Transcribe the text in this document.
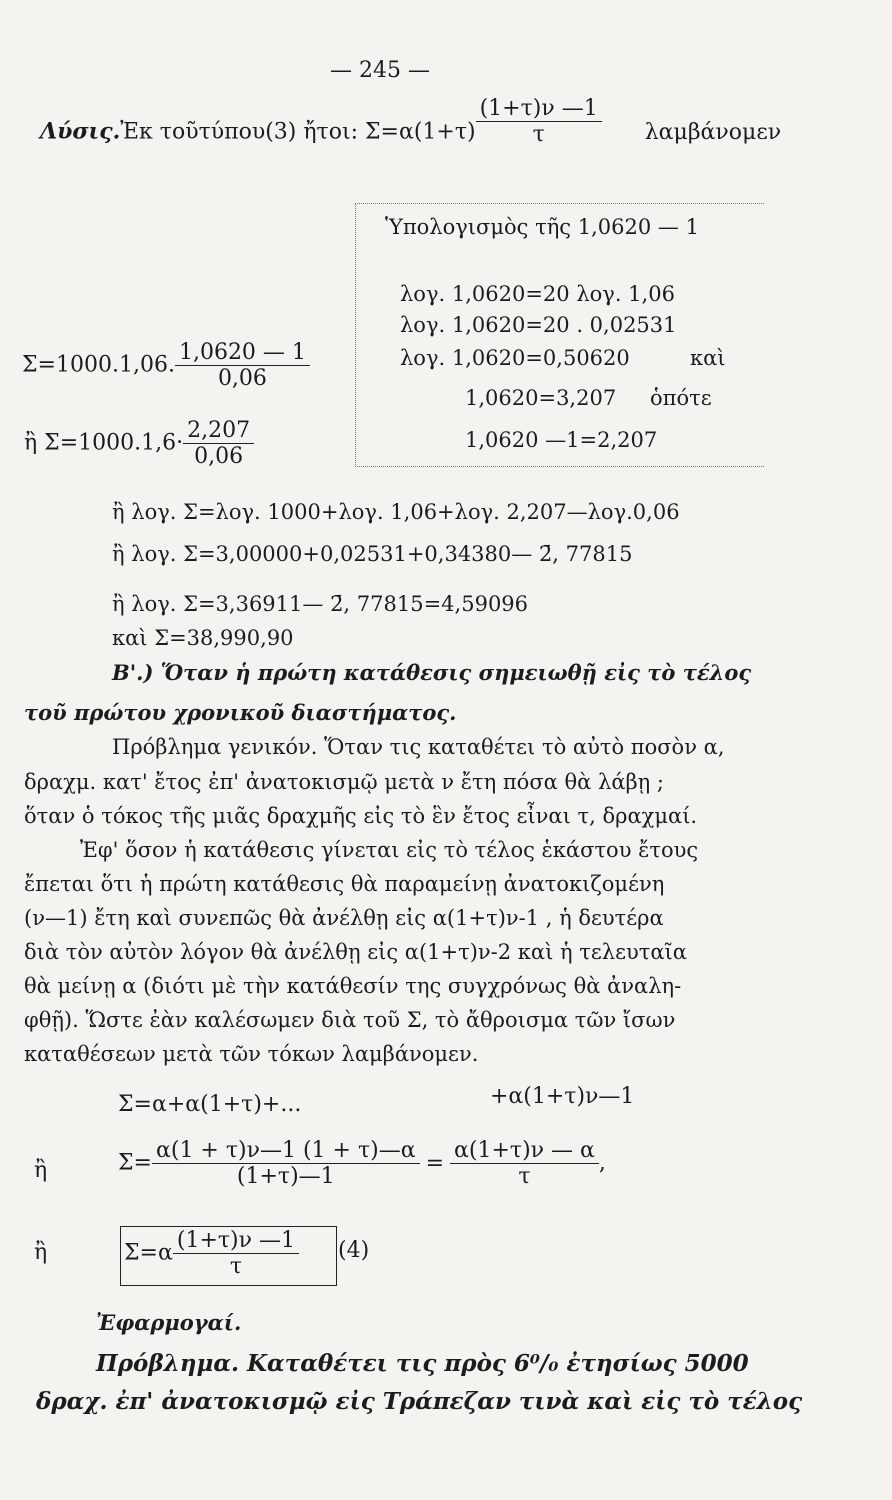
— 245 —
Λύσις.Ἐκ τοῦτύπου(3) ἤτοι: $\Sigma=\alpha(1+\tau) \frac{(1+\tau)\nu —1}{\tau}$ λαμβάνομεν
Σ=1000.1,06. $\frac{1,0620 — 1}{0,06}$
ἢ $\Sigma=1000.1,6\cdot \frac{2,207}{0,06}$
Ὑπολογισμὸς τῆς 1,0620 — 1
λογ. 1,0620=20 λογ. 1,06
λογ. 1,0620=20 . 0,02531
λογ. 1,0620=0,50620	καὶ
1,0620=3,207 ὁπότε
1,0620 —1=2,207
ἢ λογ. Σ=λογ. 1000+λογ. 1,06+λογ. 2,207—λογ.0,06
ἢ λογ. Σ=3,00000+0,02531+0,34380— 2̄, 77815
ἢ λογ. Σ=3,36911— 2̄, 77815=4,59096
καὶ Σ=38,990,90
Β'.) Ὅταν ἡ πρώτη κατάθεσις σημειωθῇ εἰς τὸ τέλος
τοῦ πρώτου χρονικοῦ διαστήματος.
Πρόβλημα γενικόν. Ὅταν τις καταθέτει τὸ αὐτὸ ποσὸν α,
δραχμ. κατ' ἔτος ἐπ' ἀνατοκισμῷ μετὰ ν ἔτη πόσα θὰ λάβῃ ;
ὅταν ὁ τόκος τῆς μιᾶς δραχμῆς εἰς τὸ ἓν ἔτος εἶναι τ, δραχμαί.
Ἐφ' ὅσον ἡ κατάθεσις γίνεται εἰς τὸ τέλος ἑκάστου ἔτους
ἔπεται ὅτι ἡ πρώτη κατάθεσις θὰ παραμείνῃ ἀνατοκιζομένη
(ν—1) ἔτη καὶ συνεπῶς θὰ ἀνέλθῃ εἰς α(1+τ)ν-1 , ἡ δευτέρα
διὰ τὸν αὐτὸν λόγον θὰ ἀνέλθῃ εἰς α(1+τ)ν-2 καὶ ἡ τελευταῖα
θὰ μείνῃ α (διότι μὲ τὴν κατάθεσίν της συγχρόνως θὰ ἀναλη-
φθῇ). Ὥστε ἐὰν καλέσωμεν διὰ τοῦ Σ, τὸ ἄθροισμα τῶν ἴσων
καταθέσεων μετὰ τῶν τόκων λαμβάνομεν.
Σ=α+α(1+τ)+...	+α(1+τ)ν—1
ἢ	$\Sigma= \frac{\alpha(1 + \tau)\nu—1 (1 + \tau)—\alpha}{(1+\tau)—1} = \frac{\alpha(1+\tau)\nu — \alpha}{\tau}$ ,
ἢ	$\Sigma=\alpha \frac{(1+\tau)\nu —1}{\tau} (4)$
Ἐφαρμογαί.
Πρόβλημα. Καταθέτει τις πρὸς 6⁰/₀ ἐτησίως 5000
δραχ. ἐπ' ἀνατοκισμῷ εἰς Τράπεζαν τινὰ καὶ εἰς τὸ τέλος
